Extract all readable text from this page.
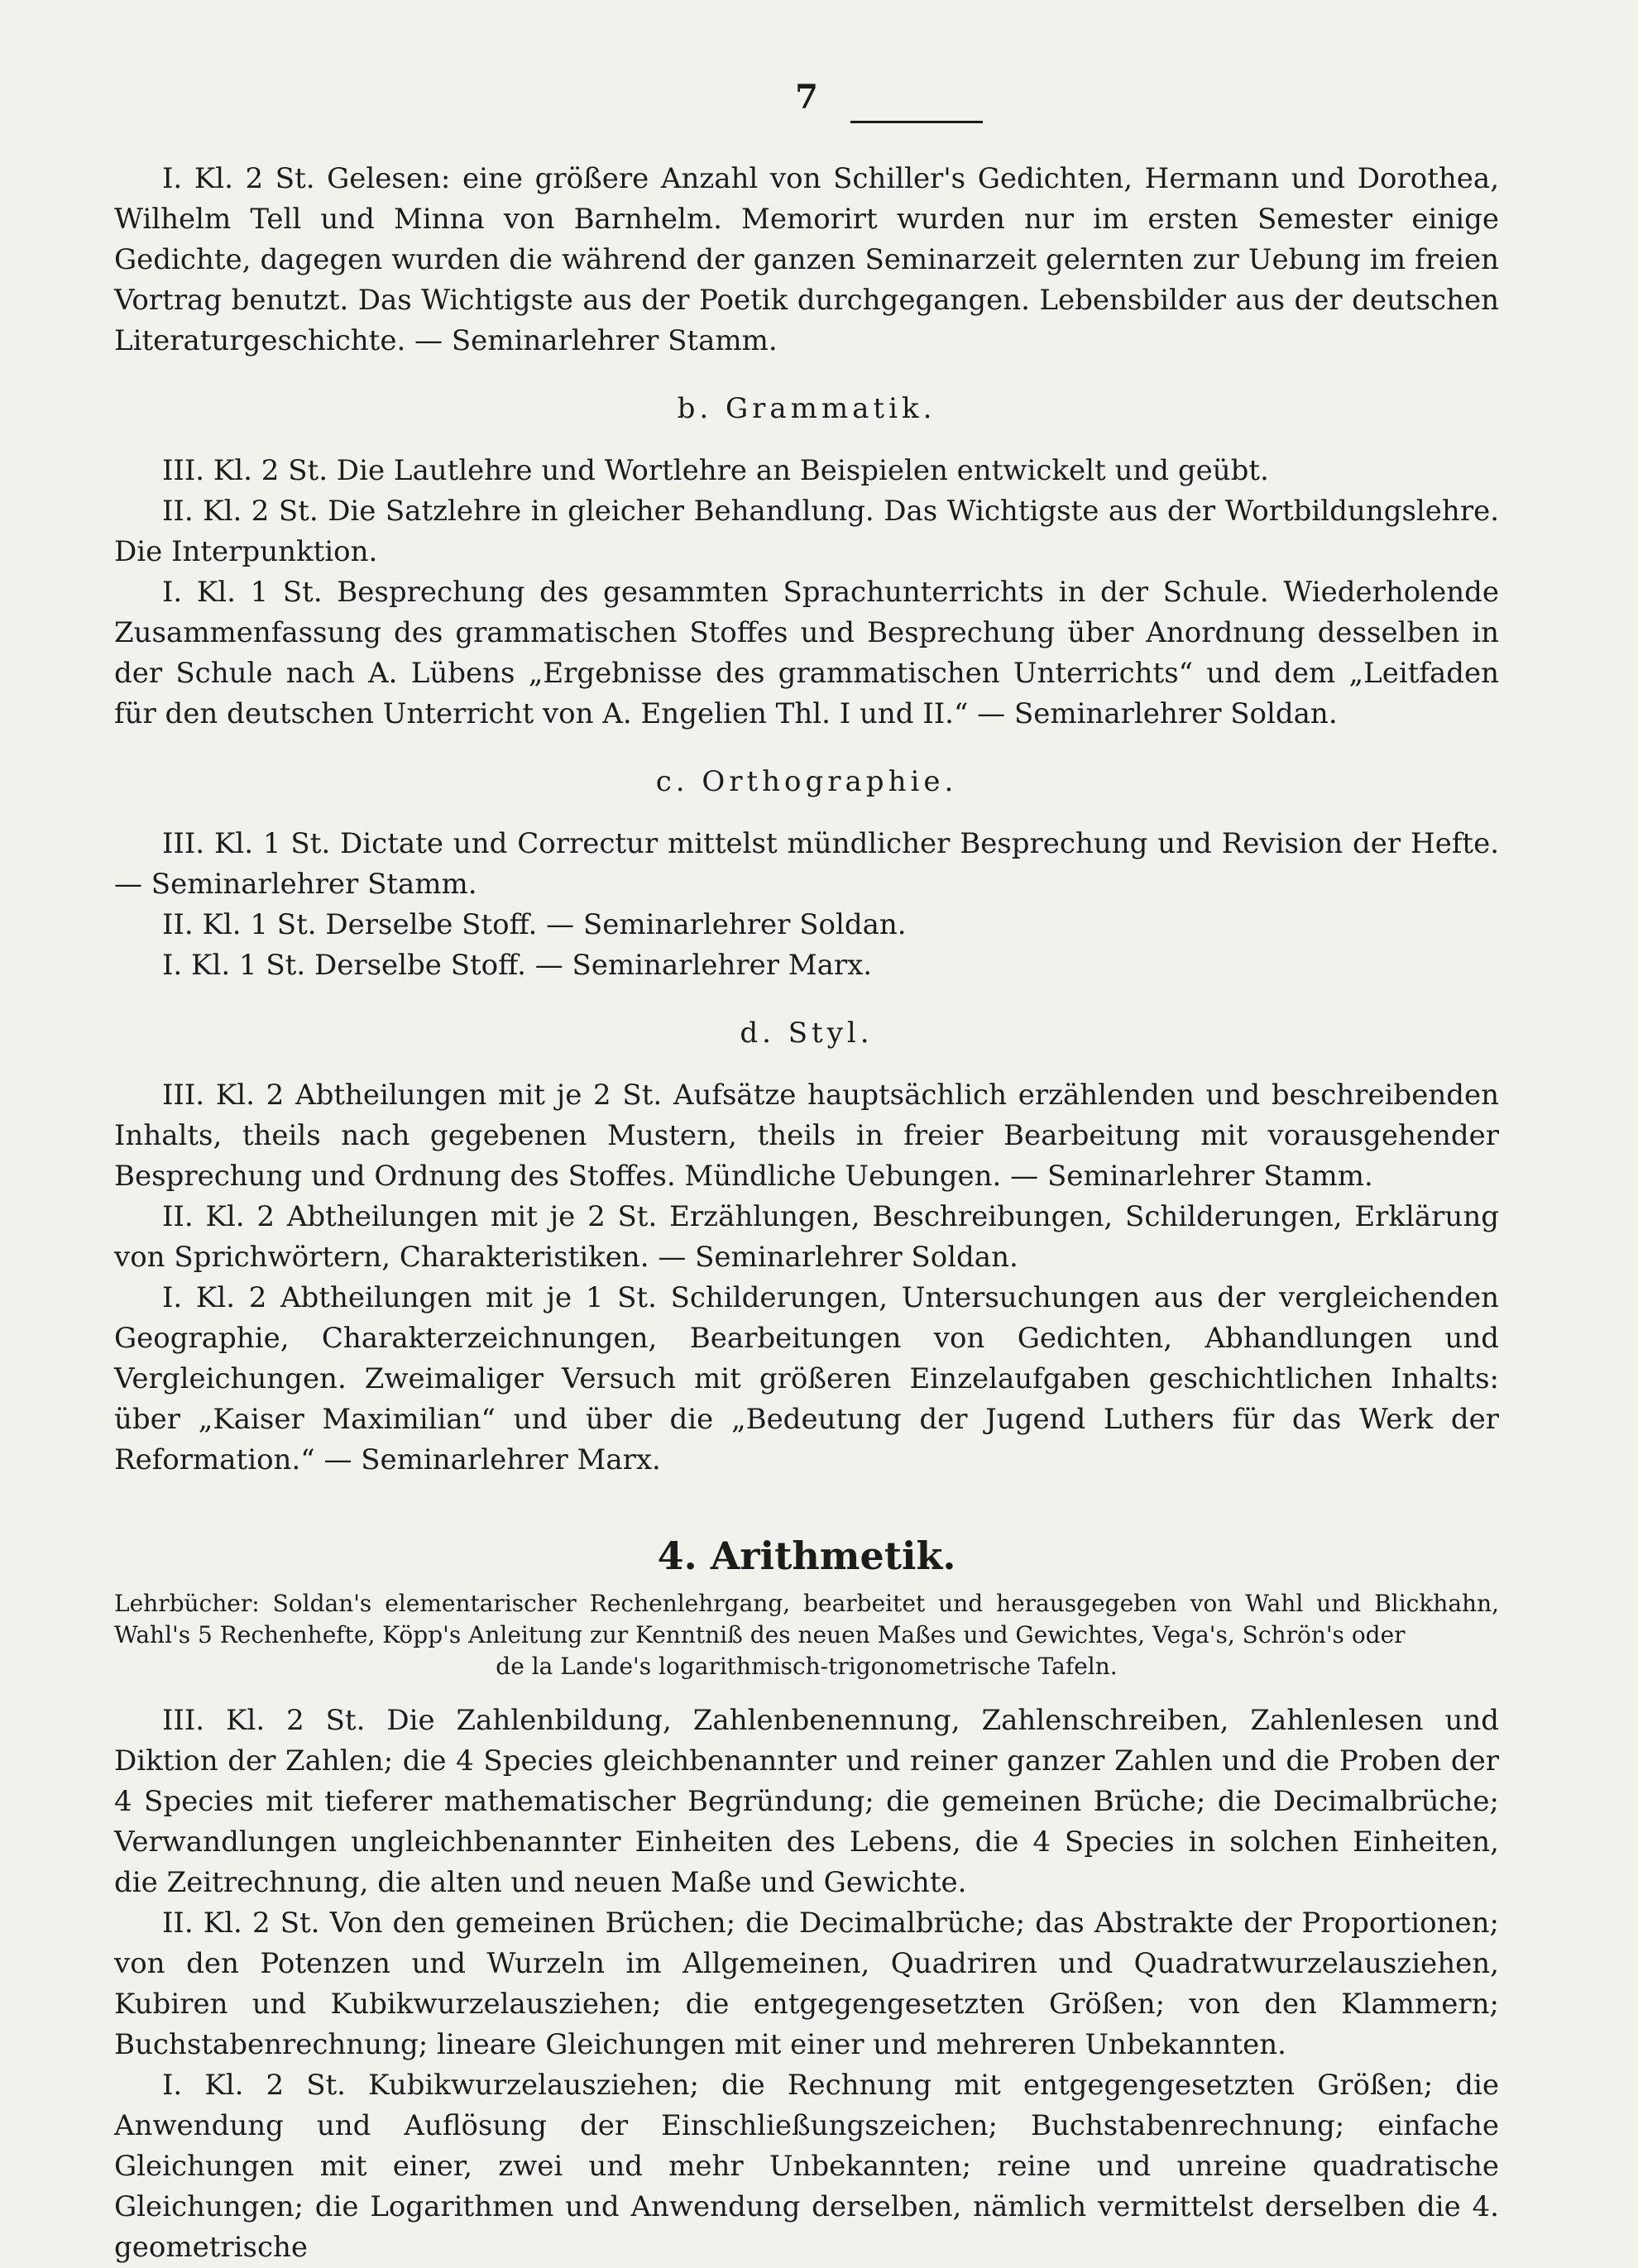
7

I. Kl. 2 St. Gelesen: eine größere Anzahl von Schiller's Gedichten, Hermann und Dorothea, Wilhelm Tell und Minna von Barnhelm. Memorirt wurden nur im ersten Semester einige Gedichte, dagegen wurden die während der ganzen Seminarzeit gelernten zur Uebung im freien Vortrag benutzt. Das Wichtigste aus der Poetik durchgegangen. Lebensbilder aus der deutschen Literaturgeschichte. — Seminarlehrer Stamm.

b. Grammatik.

III. Kl. 2 St. Die Lautlehre und Wortlehre an Beispielen entwickelt und geübt.

II. Kl. 2 St. Die Satzlehre in gleicher Behandlung. Das Wichtigste aus der Wortbildungslehre. Die Interpunktion.

I. Kl. 1 St. Besprechung des gesammten Sprachunterrichts in der Schule. Wiederholende Zusammenfassung des grammatischen Stoffes und Besprechung über Anordnung desselben in der Schule nach A. Lübens „Ergebnisse des grammatischen Unterrichts“ und dem „Leitfaden für den deutschen Unterricht von A. Engelien Thl. I und II.“ — Seminarlehrer Soldan.

c. Orthographie.

III. Kl. 1 St. Dictate und Correctur mittelst mündlicher Besprechung und Revision der Hefte. — Seminarlehrer Stamm.

II. Kl. 1 St. Derselbe Stoff. — Seminarlehrer Soldan.

I. Kl. 1 St. Derselbe Stoff. — Seminarlehrer Marx.

d. Styl.

III. Kl. 2 Abtheilungen mit je 2 St. Aufsätze hauptsächlich erzählenden und beschreibenden Inhalts, theils nach gegebenen Mustern, theils in freier Bearbeitung mit vorausgehender Besprechung und Ordnung des Stoffes. Mündliche Uebungen. — Seminarlehrer Stamm.

II. Kl. 2 Abtheilungen mit je 2 St. Erzählungen, Beschreibungen, Schilderungen, Erklärung von Sprichwörtern, Charakteristiken. — Seminarlehrer Soldan.

I. Kl. 2 Abtheilungen mit je 1 St. Schilderungen, Untersuchungen aus der vergleichenden Geographie, Charakterzeichnungen, Bearbeitungen von Gedichten, Abhandlungen und Vergleichungen. Zweimaliger Versuch mit größeren Einzelaufgaben geschichtlichen Inhalts: über „Kaiser Maximilian“ und über die „Bedeutung der Jugend Luthers für das Werk der Reformation.“ — Seminarlehrer Marx.

4. Arithmetik.

Lehrbücher: Soldan's elementarischer Rechenlehrgang, bearbeitet und herausgegeben von Wahl und Blickhahn, Wahl's 5 Rechenhefte, Köpp's Anleitung zur Kenntniß des neuen Maßes und Gewichtes, Vega's, Schrön's oder
de la Lande's logarithmisch-trigonometrische Tafeln.

III. Kl. 2 St. Die Zahlenbildung, Zahlenbenennung, Zahlenschreiben, Zahlenlesen und Diktion der Zahlen; die 4 Species gleichbenannter und reiner ganzer Zahlen und die Proben der 4 Species mit tieferer mathematischer Begründung; die gemeinen Brüche; die Decimalbrüche; Verwandlungen ungleichbenannter Einheiten des Lebens, die 4 Species in solchen Einheiten, die Zeitrechnung, die alten und neuen Maße und Gewichte.

II. Kl. 2 St. Von den gemeinen Brüchen; die Decimalbrüche; das Abstrakte der Proportionen; von den Potenzen und Wurzeln im Allgemeinen, Quadriren und Quadratwurzelausziehen, Kubiren und Kubikwurzelausziehen; die entgegengesetzten Größen; von den Klammern; Buchstabenrechnung; lineare Gleichungen mit einer und mehreren Unbekannten.

I. Kl. 2 St. Kubikwurzelausziehen; die Rechnung mit entgegengesetzten Größen; die Anwendung und Auflösung der Einschließungszeichen; Buchstabenrechnung; einfache Gleichungen mit einer, zwei und mehr Unbekannten; reine und unreine quadratische Gleichungen; die Logarithmen und Anwendung derselben, nämlich vermittelst derselben die 4. geometrische
